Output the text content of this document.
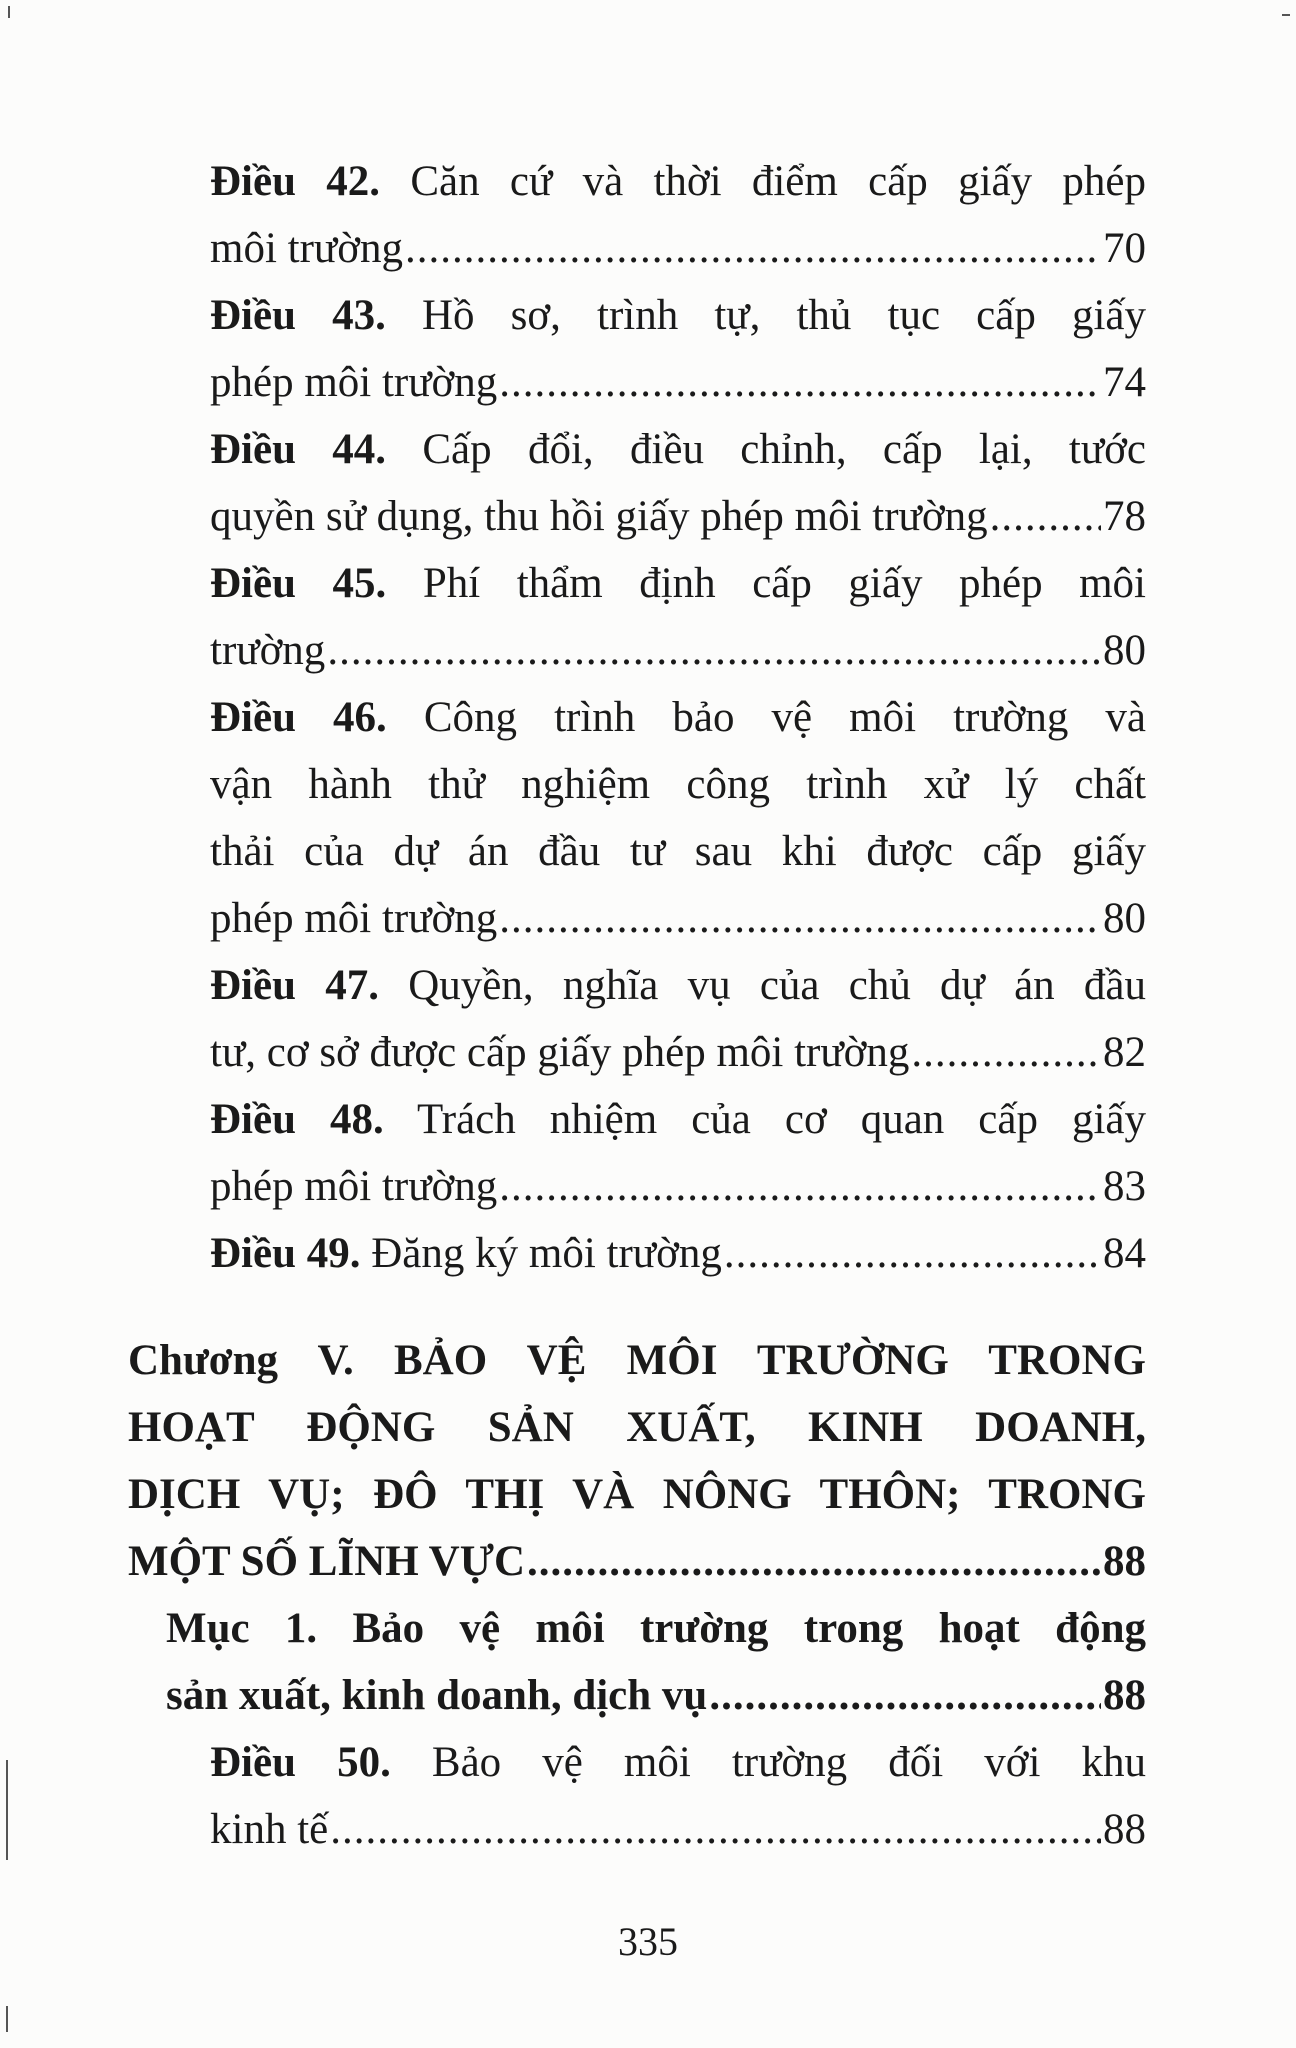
Điều 42. Căn cứ và thời điểm cấp giấy phép
môi trường .....	70
Điều 43. Hồ sơ, trình tự, thủ tục cấp giấy
phép môi trường .....	74
Điều 44. Cấp đổi, điều chỉnh, cấp lại, tước
quyền sử dụng, thu hồi giấy phép môi trường .....	78
Điều 45. Phí thẩm định cấp giấy phép môi
trường .....	80
Điều 46. Công trình bảo vệ môi trường và
vận hành thử nghiệm công trình xử lý chất
thải của dự án đầu tư sau khi được cấp giấy
phép môi trường .....	80
Điều 47. Quyền, nghĩa vụ của chủ dự án đầu
tư, cơ sở được cấp giấy phép môi trường .....	82
Điều 48. Trách nhiệm của cơ quan cấp giấy
phép môi trường .....	83
Điều 49. Đăng ký môi trường .....	84
Chương V. BẢO VỆ MÔI TRƯỜNG TRONG
HOẠT ĐỘNG SẢN XUẤT, KINH DOANH,
DỊCH VỤ; ĐÔ THỊ VÀ NÔNG THÔN; TRONG
MỘT SỐ LĨNH VỰC .....	88
Mục 1. Bảo vệ môi trường trong hoạt động
sản xuất, kinh doanh, dịch vụ .....	88
Điều 50. Bảo vệ môi trường đối với khu
kinh tế .....	88
335
